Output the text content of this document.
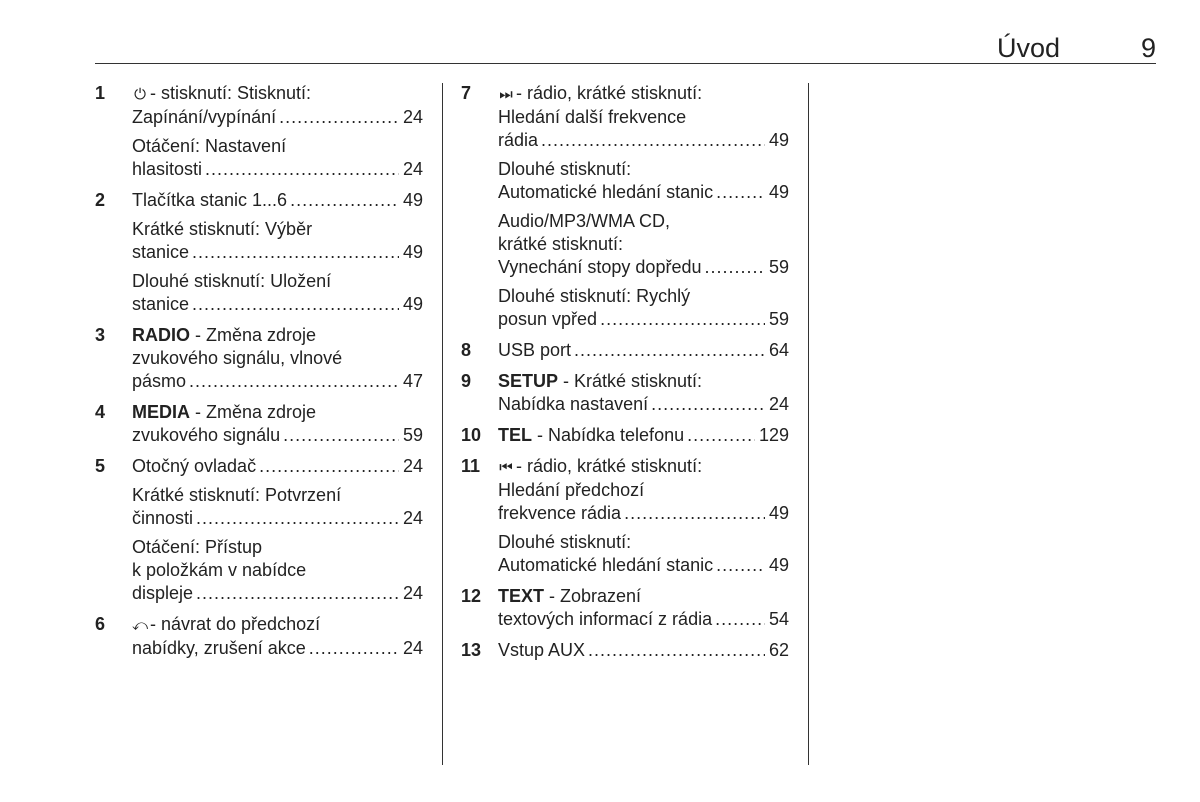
Úvod	9
1 ⏻ - stisknutí: Stisknutí:
Zapínání/vypínání .....	24
Otáčení: Nastavení
hlasitosti .....	24
2 Tlačítka stanic 1...6 .....	49
Krátké stisknutí: Výběr
stanice .....	49
Dlouhé stisknutí: Uložení
stanice .....	49
3 RADIO - Změna zdroje
zvukového signálu, vlnové
pásmo .....	47
4 MEDIA - Změna zdroje
zvukového signálu .....	59
5 Otočný ovladač .....	24
Krátké stisknutí: Potvrzení
činnosti .....	24
Otáčení: Přístup
k položkám v nabídce
displeje .....	24
6 ⤺ - návrat do předchozí
nabídky, zrušení akce .....	24
7 ⏭ - rádio, krátké stisknutí:
Hledání další frekvence
rádia .....	49
Dlouhé stisknutí:
Automatické hledání stanic .....	49
Audio/MP3/WMA CD,
krátké stisknutí:
Vynechání stopy dopředu .....	59
Dlouhé stisknutí: Rychlý
posun vpřed .....	59
8 USB port .....	64
9 SETUP - Krátké stisknutí:
Nabídka nastavení .....	24
10 TEL - Nabídka telefonu .....	129
11 ⏮ - rádio, krátké stisknutí:
Hledání předchozí
frekvence rádia .....	49
Dlouhé stisknutí:
Automatické hledání stanic .....	49
12 TEXT - Zobrazení
textových informací z rádia .....	54
13 Vstup AUX .....	62
